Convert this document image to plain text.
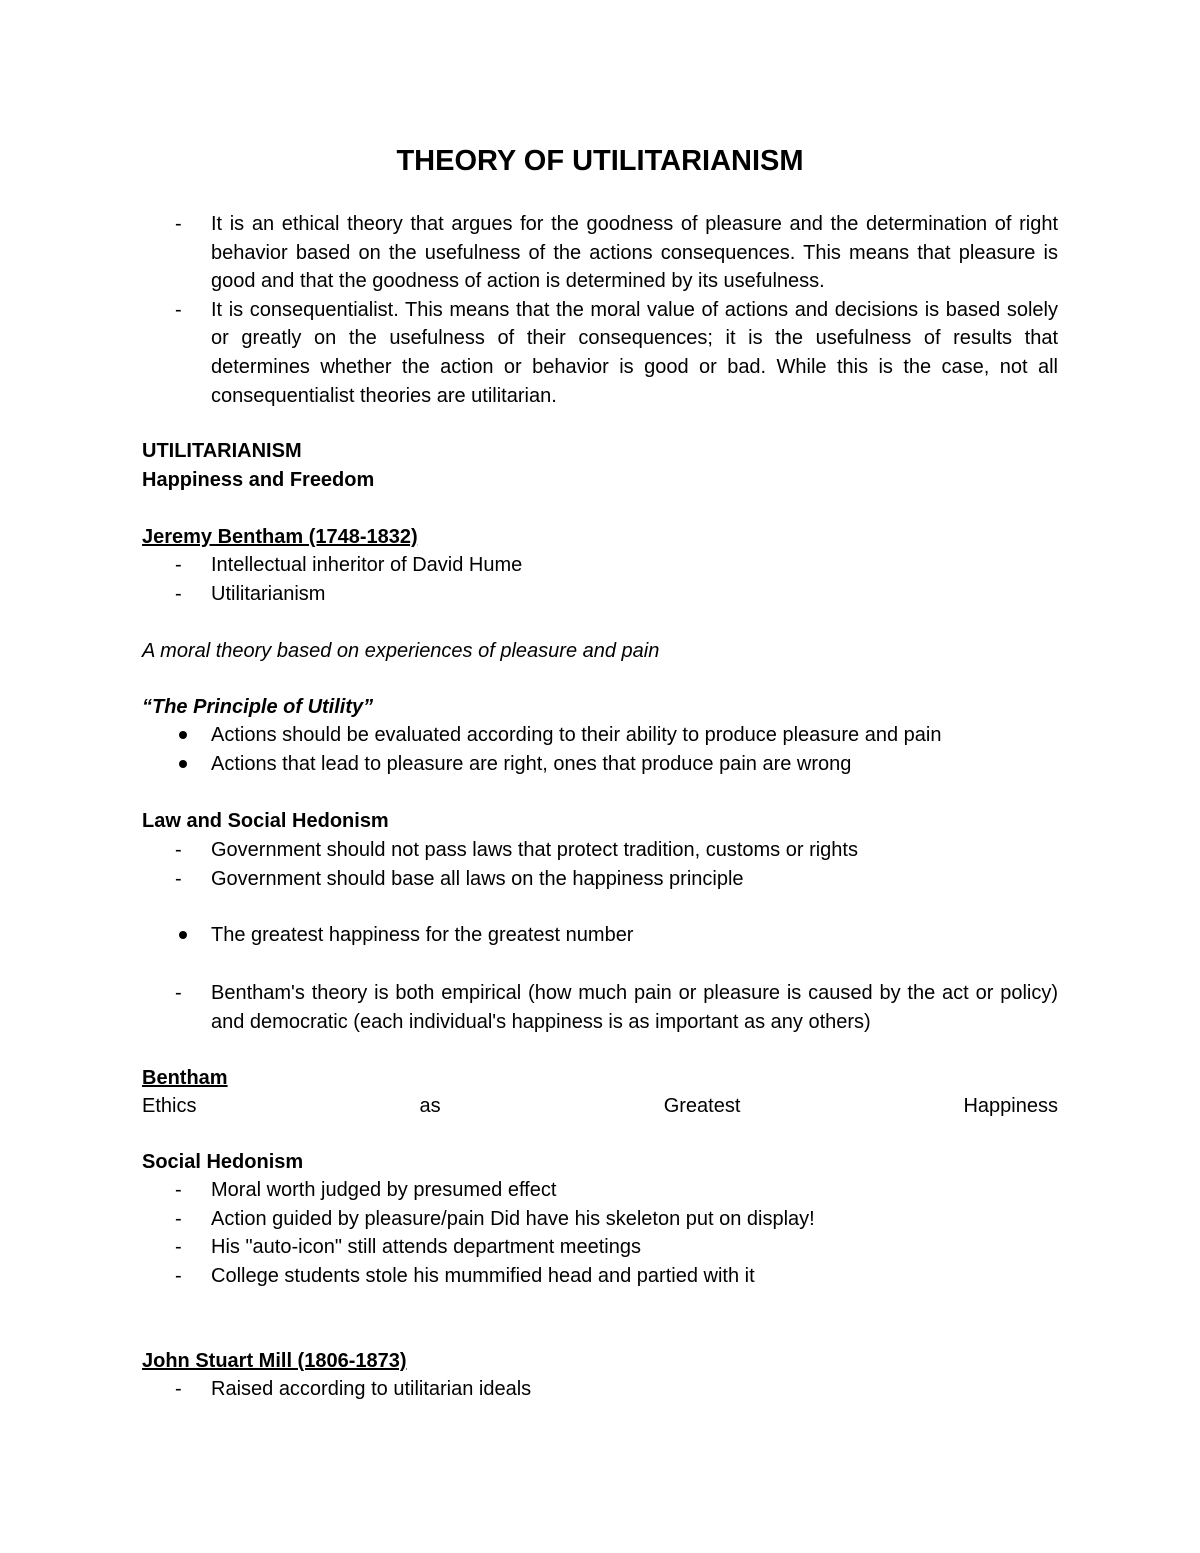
THEORY OF UTILITARIANISM
- It is an ethical theory that argues for the goodness of pleasure and the determination of right behavior based on the usefulness of the actions consequences. This means that pleasure is good and that the goodness of action is determined by its usefulness.
- It is consequentialist. This means that the moral value of actions and decisions is based solely or greatly on the usefulness of their consequences; it is the usefulness of results that determines whether the action or behavior is good or bad. While this is the case, not all consequentialist theories are utilitarian.
UTILITARIANISM
Happiness and Freedom
Jeremy Bentham (1748-1832)
- Intellectual inheritor of David Hume
- Utilitarianism
A moral theory based on experiences of pleasure and pain
“The Principle of Utility”
Actions should be evaluated according to their ability to produce pleasure and pain
Actions that lead to pleasure are right, ones that produce pain are wrong
Law and Social Hedonism
- Government should not pass laws that protect tradition, customs or rights
- Government should base all laws on the happiness principle
The greatest happiness for the greatest number
- Bentham's theory is both empirical (how much pain or pleasure is caused by the act or policy) and democratic (each individual's happiness is as important as any others)
Bentham
Ethics	as	Greatest	Happiness
Social Hedonism
- Moral worth judged by presumed effect
- Action guided by pleasure/pain Did have his skeleton put on display!
- His "auto-icon" still attends department meetings
- College students stole his mummified head and partied with it
John Stuart Mill (1806-1873)
- Raised according to utilitarian ideals
